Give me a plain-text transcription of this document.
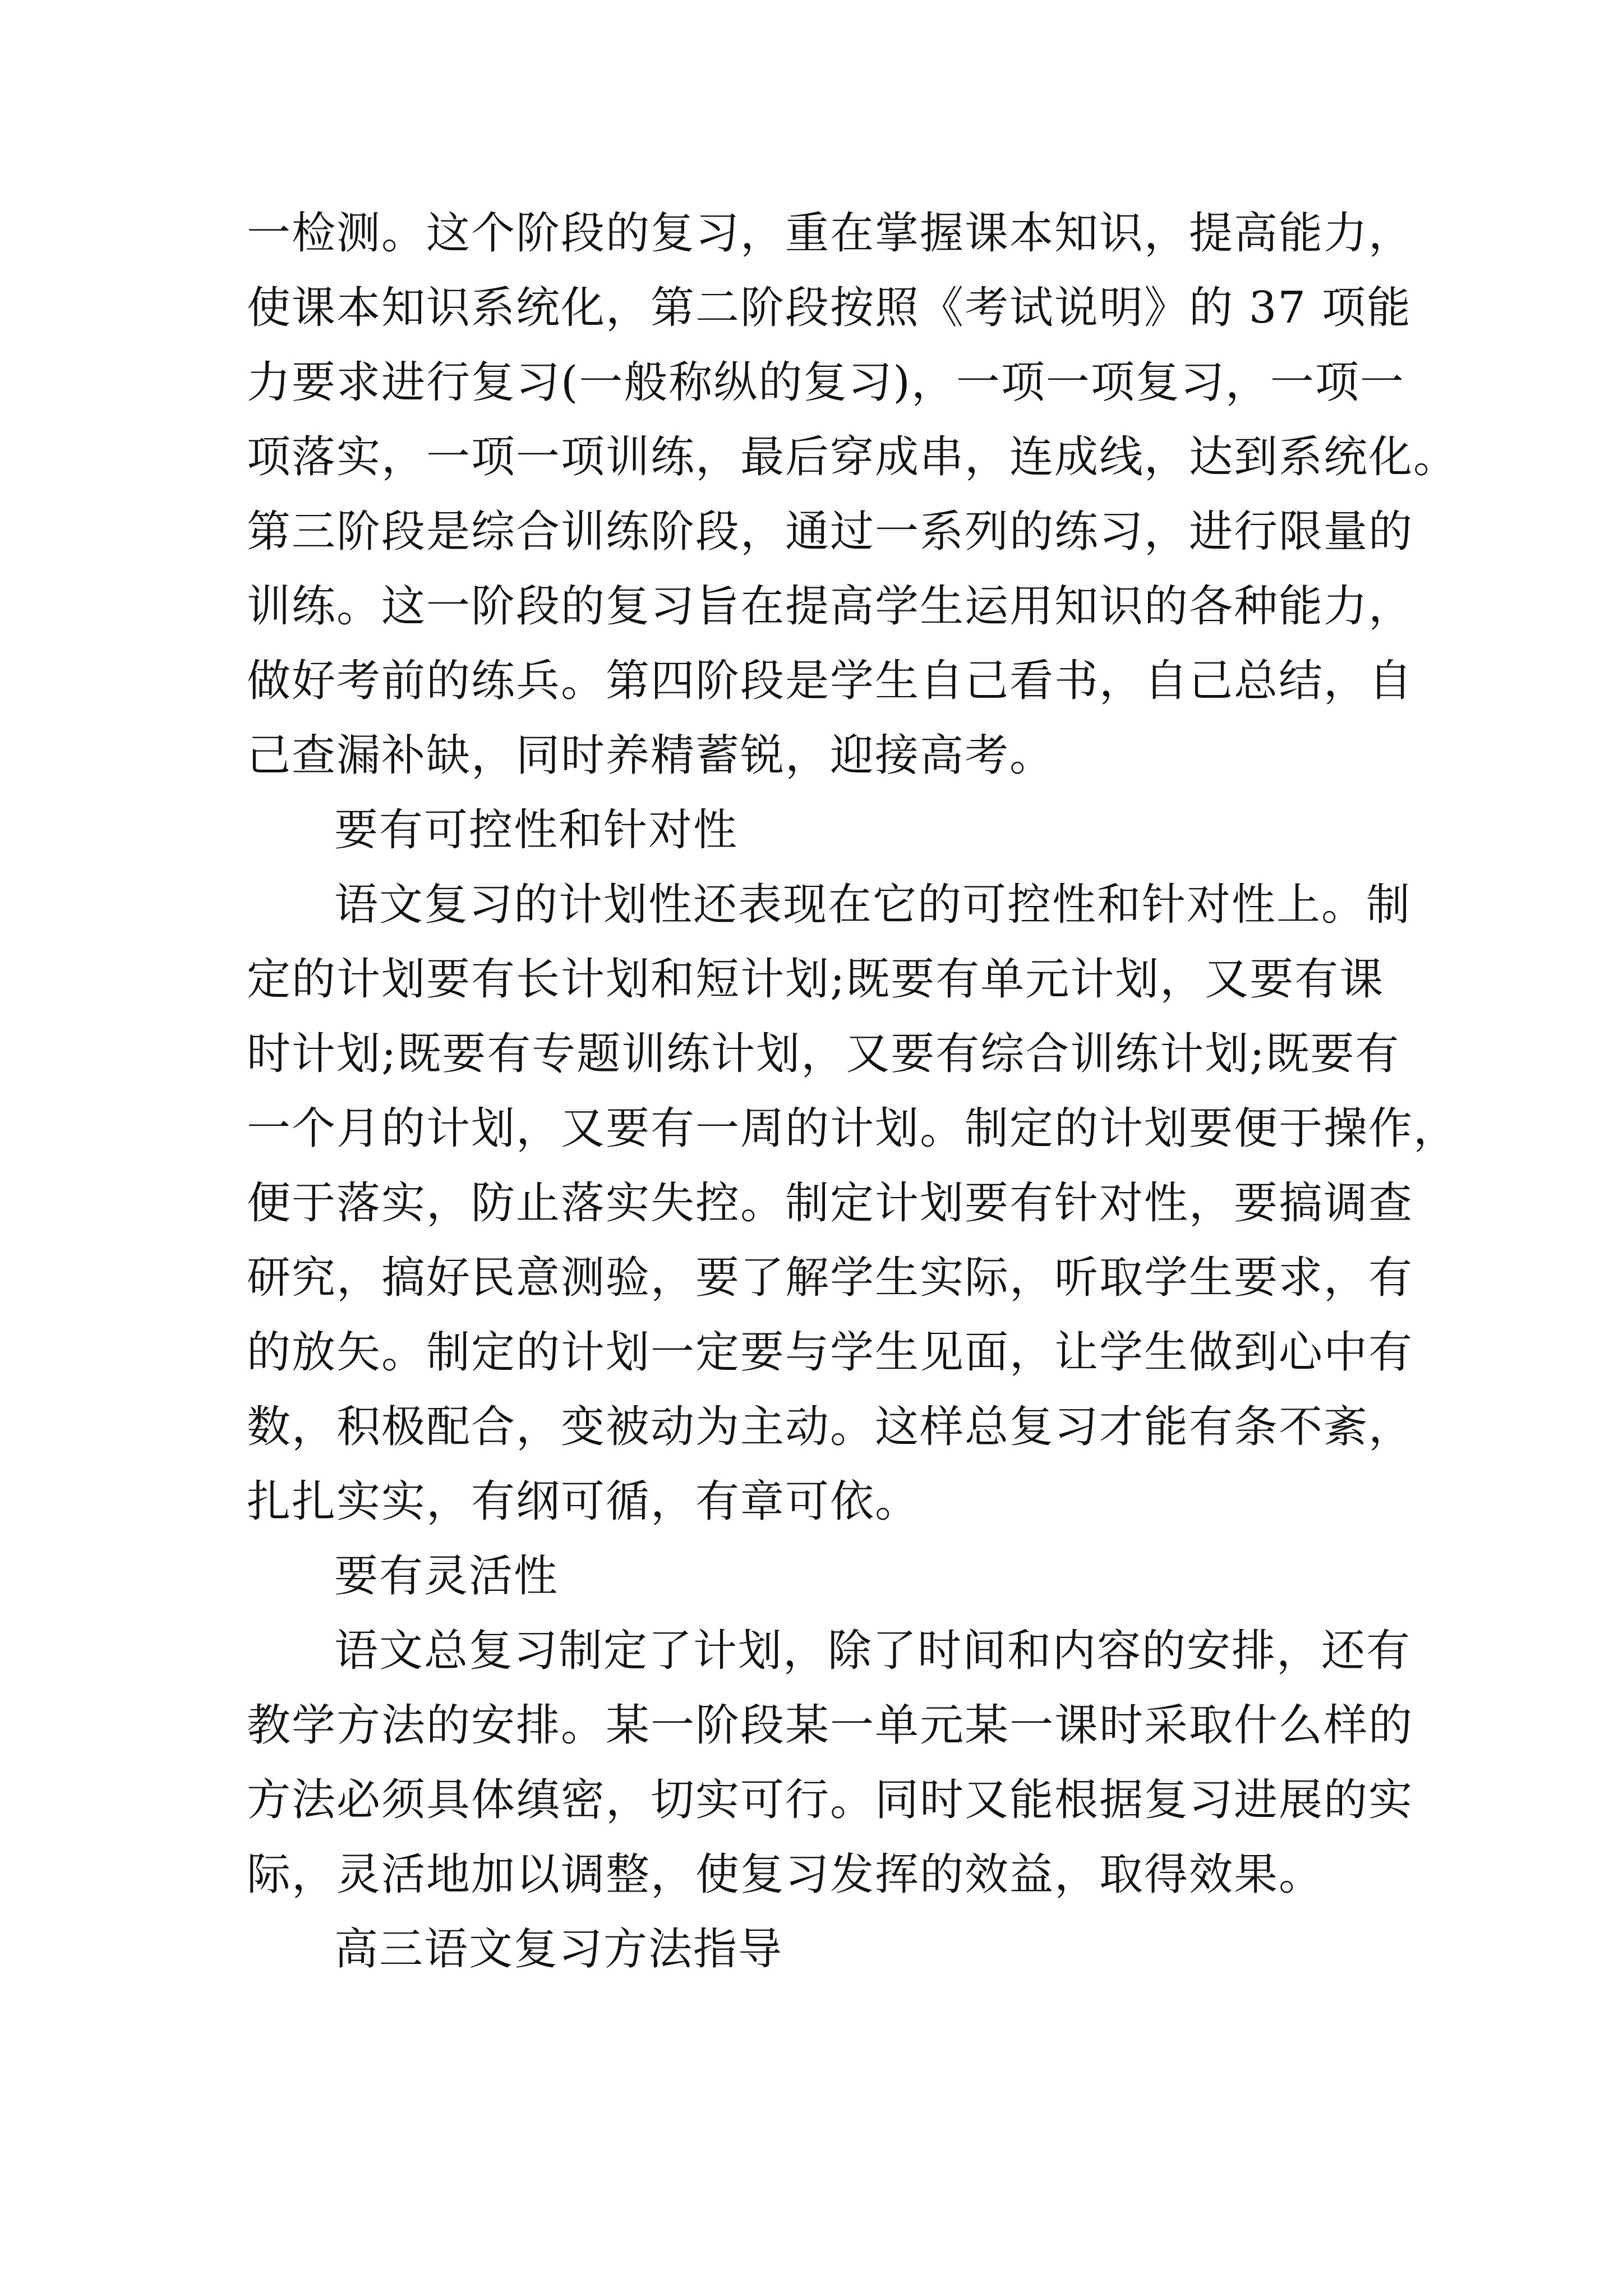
一检测。这个阶段的复习，重在掌握课本知识，提高能力，
使课本知识系统化，第二阶段按照《考试说明》的 37 项能
力要求进行复习(一般称纵的复习)，一项一项复习，一项一
项落实，一项一项训练，最后穿成串，连成线，达到系统化。
第三阶段是综合训练阶段，通过一系列的练习，进行限量的
训练。这一阶段的复习旨在提高学生运用知识的各种能力，
做好考前的练兵。第四阶段是学生自己看书，自己总结，自
己查漏补缺，同时养精蓄锐，迎接高考。
要有可控性和针对性
语文复习的计划性还表现在它的可控性和针对性上。制
定的计划要有长计划和短计划;既要有单元计划，又要有课
时计划;既要有专题训练计划，又要有综合训练计划;既要有
一个月的计划，又要有一周的计划。制定的计划要便于操作，
便于落实，防止落实失控。制定计划要有针对性，要搞调查
研究，搞好民意测验，要了解学生实际，听取学生要求，有
的放矢。制定的计划一定要与学生见面，让学生做到心中有
数，积极配合，变被动为主动。这样总复习才能有条不紊，
扎扎实实，有纲可循，有章可依。
要有灵活性
语文总复习制定了计划，除了时间和内容的安排，还有
教学方法的安排。某一阶段某一单元某一课时采取什么样的
方法必须具体缜密，切实可行。同时又能根据复习进展的实
际，灵活地加以调整，使复习发挥的效益，取得效果。
高三语文复习方法指导
